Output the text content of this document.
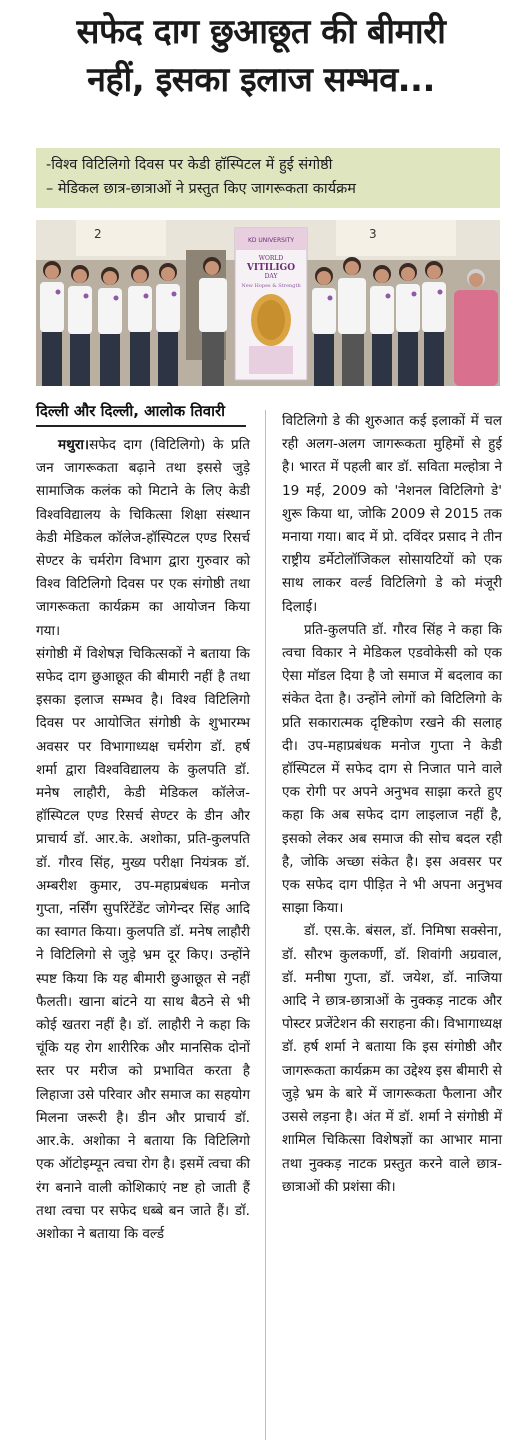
सफेद दाग छुआछूत की बीमारी
नहीं, इसका इलाज सम्भव...
-विश्व विटिलिगो दिवस पर केडी हॉस्पिटल में हुई संगोष्ठी
– मेडिकल छात्र-छात्राओं ने प्रस्तुत किए जागरूकता कार्यक्रम
2	3
KD UNIVERSITY
WORLD
VITILIGO
DAY
New Hopes & Strength
दिल्ली और दिल्ली, आलोक तिवारी

मथुरा।सफेद दाग (विटिलिगो) के प्रति जन जागरूकता बढ़ाने तथा इससे जुड़े सामाजिक कलंक को मिटाने के लिए केडी विश्वविद्यालय के चिकित्सा शिक्षा संस्थान केडी मेडिकल कॉलेज-हॉस्पिटल एण्ड रिसर्च सेण्टर के चर्मरोग विभाग द्वारा गुरुवार को विश्व विटिलिगो दिवस पर एक संगोष्ठी तथा जागरूकता कार्यक्रम का आयोजन किया गया।

संगोष्ठी में विशेषज्ञ चिकित्सकों ने बताया कि सफेद दाग छुआछूत की बीमारी नहीं है तथा इसका इलाज सम्भव है। विश्व विटिलिगो दिवस पर आयोजित संगोष्ठी के शुभारम्भ अवसर पर विभागाध्यक्ष चर्मरोग डॉ. हर्ष शर्मा द्वारा विश्वविद्यालय के कुलपति डॉ. मनेष लाहौरी, केडी मेडिकल कॉलेज-हॉस्पिटल एण्ड रिसर्च सेण्टर के डीन और प्राचार्य डॉ. आर.के. अशोका, प्रति-कुलपति डॉ. गौरव सिंह, मुख्य परीक्षा नियंत्रक डॉ. अम्बरीश कुमार, उप-महाप्रबंधक मनोज गुप्ता, नर्सिंग सुपरिंटेंडेंट जोगेन्दर सिंह आदि का स्वागत किया। कुलपति डॉ. मनेष लाहौरी ने विटिलिगो से जुड़े भ्रम दूर किए। उन्होंने स्पष्ट किया कि यह बीमारी छुआछूत से नहीं फैलती। खाना बांटने या साथ बैठने से भी कोई खतरा नहीं है। डॉ. लाहौरी ने कहा कि चूंकि यह रोग शारीरिक और मानसिक दोनों स्तर पर मरीज को प्रभावित करता है लिहाजा उसे परिवार और समाज का सहयोग मिलना जरूरी है। डीन और प्राचार्य डॉ. आर.के. अशोका ने बताया कि विटिलिगो एक ऑटोइम्यून त्वचा रोग है। इसमें त्वचा की रंग बनाने वाली कोशिकाएं नष्ट हो जाती हैं तथा त्वचा पर सफेद धब्बे बन जाते हैं। डॉ. अशोका ने बताया कि वर्ल्ड

विटिलिगो डे की शुरुआत कई इलाकों में चल रही अलग-अलग जागरूकता मुहिमों से हुई है। भारत में पहली बार डॉ. सविता मल्होत्रा ने 19 मई, 2009 को 'नेशनल विटिलिगो डे' शुरू किया था, जोकि 2009 से 2015 तक मनाया गया। बाद में प्रो. दविंदर प्रसाद ने तीन राष्ट्रीय डर्मेटोलॉजिकल सोसायटियों को एक साथ लाकर वर्ल्ड विटिलिगो डे को मंजूरी दिलाई।

प्रति-कुलपति डॉ. गौरव सिंह ने कहा कि त्वचा विकार ने मेडिकल एडवोकेसी को एक ऐसा मॉडल दिया है जो समाज में बदलाव का संकेत देता है। उन्होंने लोगों को विटिलिगो के प्रति सकारात्मक दृष्टिकोण रखने की सलाह दी। उप-महाप्रबंधक मनोज गुप्ता ने केडी हॉस्पिटल में सफेद दाग से निजात पाने वाले एक रोगी पर अपने अनुभव साझा करते हुए कहा कि अब सफेद दाग लाइलाज नहीं है, इसको लेकर अब समाज की सोच बदल रही है, जोकि अच्छा संकेत है। इस अवसर पर एक सफेद दाग पीड़ित ने भी अपना अनुभव साझा किया।

डॉ. एस.के. बंसल, डॉ. निमिषा सक्सेना, डॉ. सौरभ कुलकर्णी, डॉ. शिवांगी अग्रवाल, डॉ. मनीषा गुप्ता, डॉ. जयेश, डॉ. नाजिया आदि ने छात्र-छात्राओं के नुक्कड़ नाटक और पोस्टर प्रजेंटेशन की सराहना की। विभागाध्यक्ष डॉ. हर्ष शर्मा ने बताया कि इस संगोष्ठी और जागरूकता कार्यक्रम का उद्देश्य इस बीमारी से जुड़े भ्रम के बारे में जागरूकता फैलाना और उससे लड़ना है। अंत में डॉ. शर्मा ने संगोष्ठी में शामिल चिकित्सा विशेषज्ञों का आभार माना तथा नुक्कड़ नाटक प्रस्तुत करने वाले छात्र-छात्राओं की प्रशंसा की।
